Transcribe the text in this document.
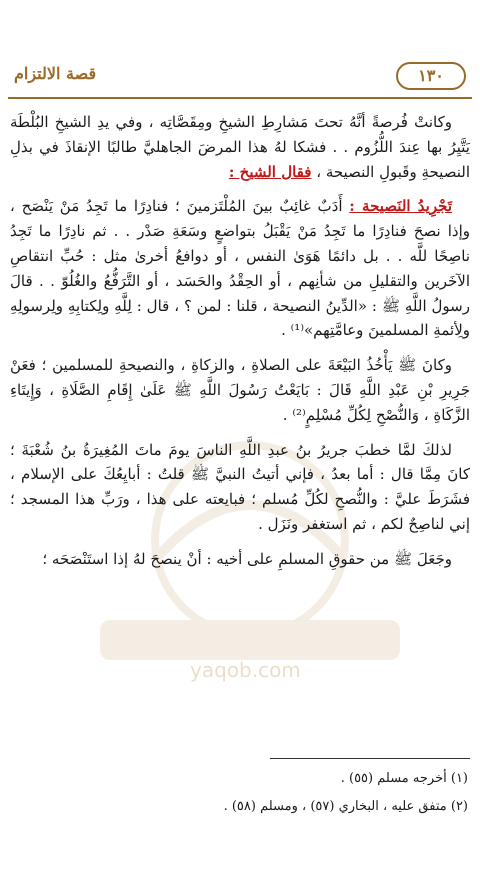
١٣٠
قصة الالتزام
yaqob.com

وكانتْ فُرصةً أنَّهُ تحتَ مَشارِطِ الشيخِ ومِقَصَّاتِه ، وفي يدِ الشيخِ البُلْطَة يَتَّيِرُ بها عِندَ اللُّزُوم . . فشكا لهُ هذا المرضَ الجاهليَّ طالبًا الإنقاذَ في بذلِ النصيحةِ وقَبولِ النصيحة ، فقال الشيخ :

تَجْرِيدُ النَصيحة : أَدَبٌ غائِبٌ بينَ المُلْتَزمينَ ؛ فنادِرًا ما تَجِدُ مَنْ يَنْصَح ، وإذا نصحَ فنادِرًا ما تَجِدُ مَنْ يَقْبَلُ بتواضعٍ وسَعَةِ صَدْر . . ثم نادِرًا ما تَجِدُ ناصِحًا للَّه . . بل دائمًا هَوَىٰ النفس ، أو دوافعُ أخرىٰ مثل : حُبِّ انتقاصِ الآخَرين والتقليلِ من شأنِهم ، أو الحِقْدُ والحَسَد ، أو التَّرَفُّعُ والغُلُوّ . . قالَ رسولُ اللَّهِ ﷺ : «الدِّينُ النصيحة ، قلنا : لمن ؟ ، قال : لِلَّهِ ولِكتابِهِ ولِرسولِهِ ولِأئمةِ المسلمينَ وعامَّتِهم»⁽¹⁾ .

وكانَ ﷺ يَأْخُذُ البَيْعَةَ على الصلاةِ ، والزكاةِ ، والنصيحةِ للمسلمين ؛ فعَنْ جَرِيرِ بْنِ عَبْدِ اللَّهِ قَالَ : بَايَعْتُ رَسُولَ اللَّهِ ﷺ عَلَىٰ إِقَامِ الصَّلَاةِ ، وَإِيتَاءِ الزَّكَاةِ ، وَالنُّصْحِ لِكُلِّ مُسْلِمٍ⁽²⁾ .

لذلكَ لمَّا خطبَ جريرُ بنُ عبدِ اللَّهِ الناسَ يومَ ماتَ المُغِيرَةُ بنُ شُعْبَةَ ؛ كانَ مِمَّا قال : أما بعدُ ، فإني أتيتُ النبيَّ ﷺ قلتُ : أبايِعُكَ على الإسلام ، فشَرَطَ عليَّ : والنُّصحِ لكُلِّ مُسلم ؛ فبايعته على هذا ، ورَبِّ هذا المسجد ؛ إني لناصِحٌ لكم ، ثم استغفر ونَزَل .

وجَعَلَ ﷺ من حقوقِ المسلمِ على أخيه : أنْ ينصحَ لهُ إذا استَنْصَحَه ؛

(١) أخرجه مسلم (٥٥) .
(٢) متفق عليه ، البخاري (٥٧) ، ومسلم (٥٨) .
